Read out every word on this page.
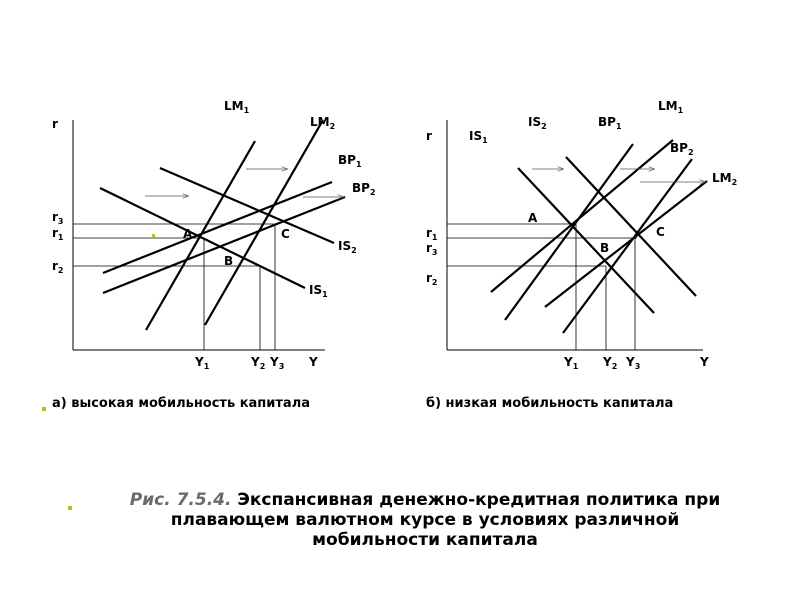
r
Y
$r_3$
$r_1$
$r_2$
$Y_1$	$Y_2$ $Y_3$
$LM_1$
$LM_2$
$BP_1$
$BP_2$
$IS_2$
$IS_1$
A
B
C
r
Y
$r_1$
$r_3$
$r_2$
$Y_1$ $Y_2$ $Y_3$
$IS_1$
$IS_2$	$BP_1$
$LM_1$
$BP_2$
$LM_2$
A
B
C
а) высокая мобильность капитала	б) низкая мобильность капитала
Рис. 7.5.4. Экспансивная денежно-кредитная политика при плавающем валютном курсе в условиях различной мобильности капитала
